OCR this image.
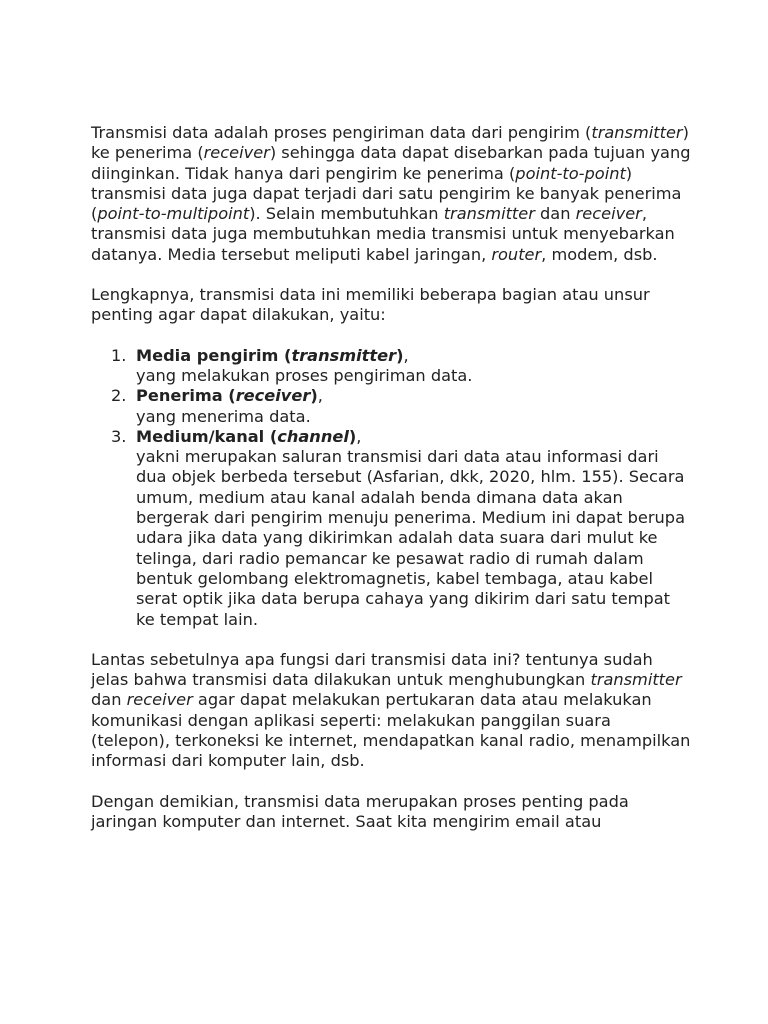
Transmisi data adalah proses pengiriman data dari pengirim (transmitter) ke penerima (receiver) sehingga data dapat disebarkan pada tujuan yang diinginkan. Tidak hanya dari pengirim ke penerima (point-to-point) transmisi data juga dapat terjadi dari satu pengirim ke banyak penerima (point-to-multipoint). Selain membutuhkan transmitter dan receiver, transmisi data juga membutuhkan media transmisi untuk menyebarkan datanya. Media tersebut meliputi kabel jaringan, router, modem, dsb.

Lengkapnya, transmisi data ini memiliki beberapa bagian atau unsur penting agar dapat dilakukan, yaitu:

1. Media pengirim (transmitter),
yang melakukan proses pengiriman data.
2. Penerima (receiver),
yang menerima data.
3. Medium/kanal (channel),
yakni merupakan saluran transmisi dari data atau informasi dari dua objek berbeda tersebut (Asfarian, dkk, 2020, hlm. 155). Secara umum, medium atau kanal adalah benda dimana data akan bergerak dari pengirim menuju penerima. Medium ini dapat berupa udara jika data yang dikirimkan adalah data suara dari mulut ke telinga, dari radio pemancar ke pesawat radio di rumah dalam bentuk gelombang elektromagnetis, kabel tembaga, atau kabel serat optik jika data berupa cahaya yang dikirim dari satu tempat ke tempat lain.

Lantas sebetulnya apa fungsi dari transmisi data ini? tentunya sudah jelas bahwa transmisi data dilakukan untuk menghubungkan transmitter dan receiver agar dapat melakukan pertukaran data atau melakukan komunikasi dengan aplikasi seperti: melakukan panggilan suara (telepon), terkoneksi ke internet, mendapatkan kanal radio, menampilkan informasi dari komputer lain, dsb.

Dengan demikian, transmisi data merupakan proses penting pada jaringan komputer dan internet. Saat kita mengirim email atau
